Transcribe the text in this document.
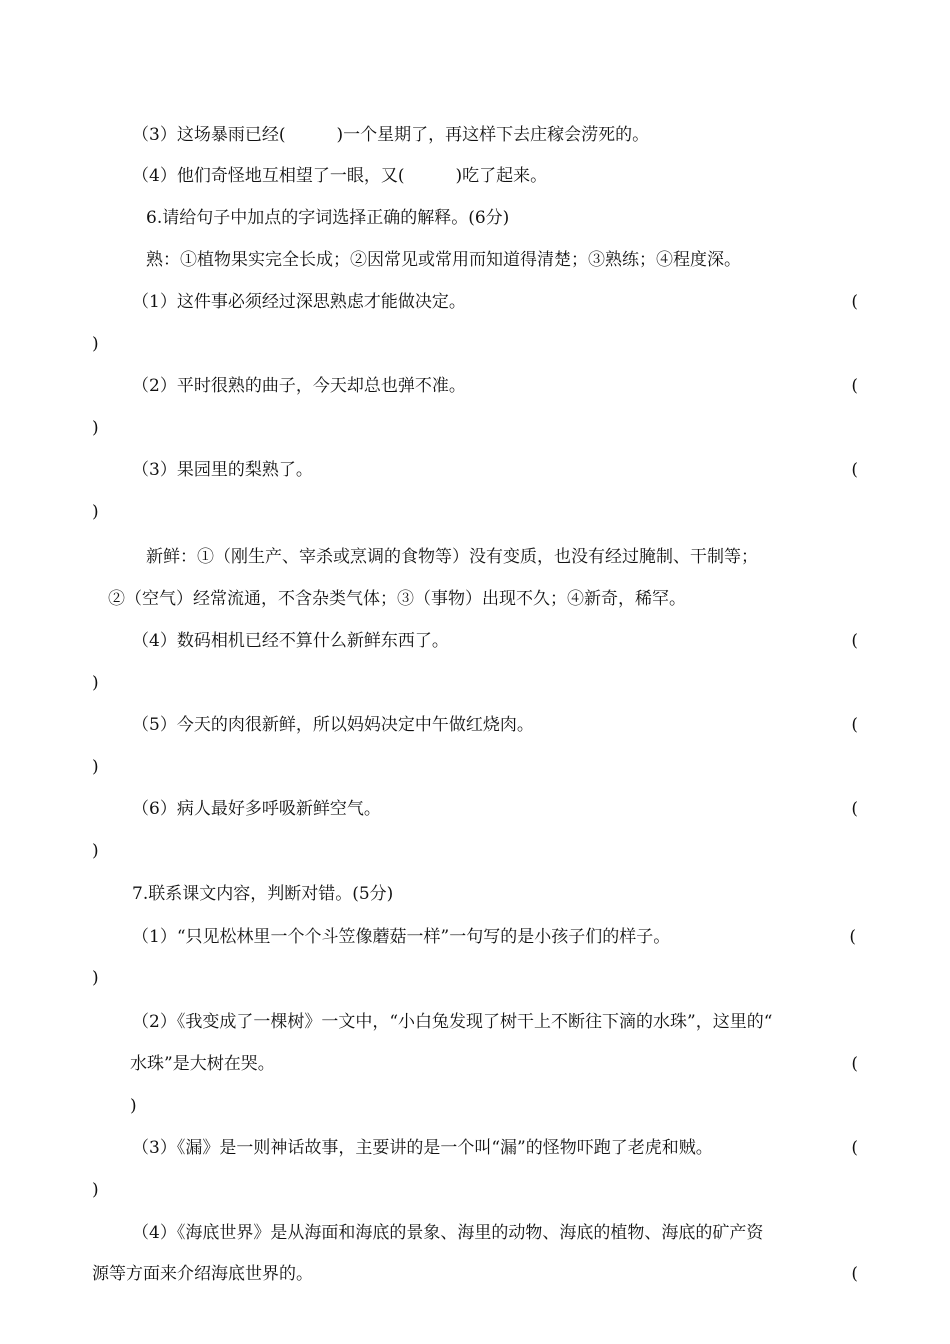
（3）这场暴雨已经(　　　)一个星期了，再这样下去庄稼会涝死的。
（4）他们奇怪地互相望了一眼，又(　　　)吃了起来。
6.请给句子中加点的字词选择正确的解释。(6分)
熟：①植物果实完全长成；②因常见或常用而知道得清楚；③熟练；④程度深。
（1）这件事必须经过深思熟虑才能做决定。	(
)
（2）平时很熟的曲子，今天却总也弹不准。	(
)
（3）果园里的梨熟了。	(
)
新鲜：①（刚生产、宰杀或烹调的食物等）没有变质，也没有经过腌制、干制等；
②（空气）经常流通，不含杂类气体；③（事物）出现不久；④新奇，稀罕。
（4）数码相机已经不算什么新鲜东西了。	(
)
（5）今天的肉很新鲜，所以妈妈决定中午做红烧肉。	(
)
（6）病人最好多呼吸新鲜空气。	(
)
7.联系课文内容，判断对错。(5分)
（1）“只见松林里一个个斗笠像蘑菇一样”一句写的是小孩子们的样子。	(
)
（2）《我变成了一棵树》一文中，“小白兔发现了树干上不断往下滴的水珠”，这里的“
水珠”是大树在哭。	(
)
（3）《漏》是一则神话故事，主要讲的是一个叫“漏”的怪物吓跑了老虎和贼。	(
)
（4）《海底世界》是从海面和海底的景象、海里的动物、海底的植物、海底的矿产资
源等方面来介绍海底世界的。	(
